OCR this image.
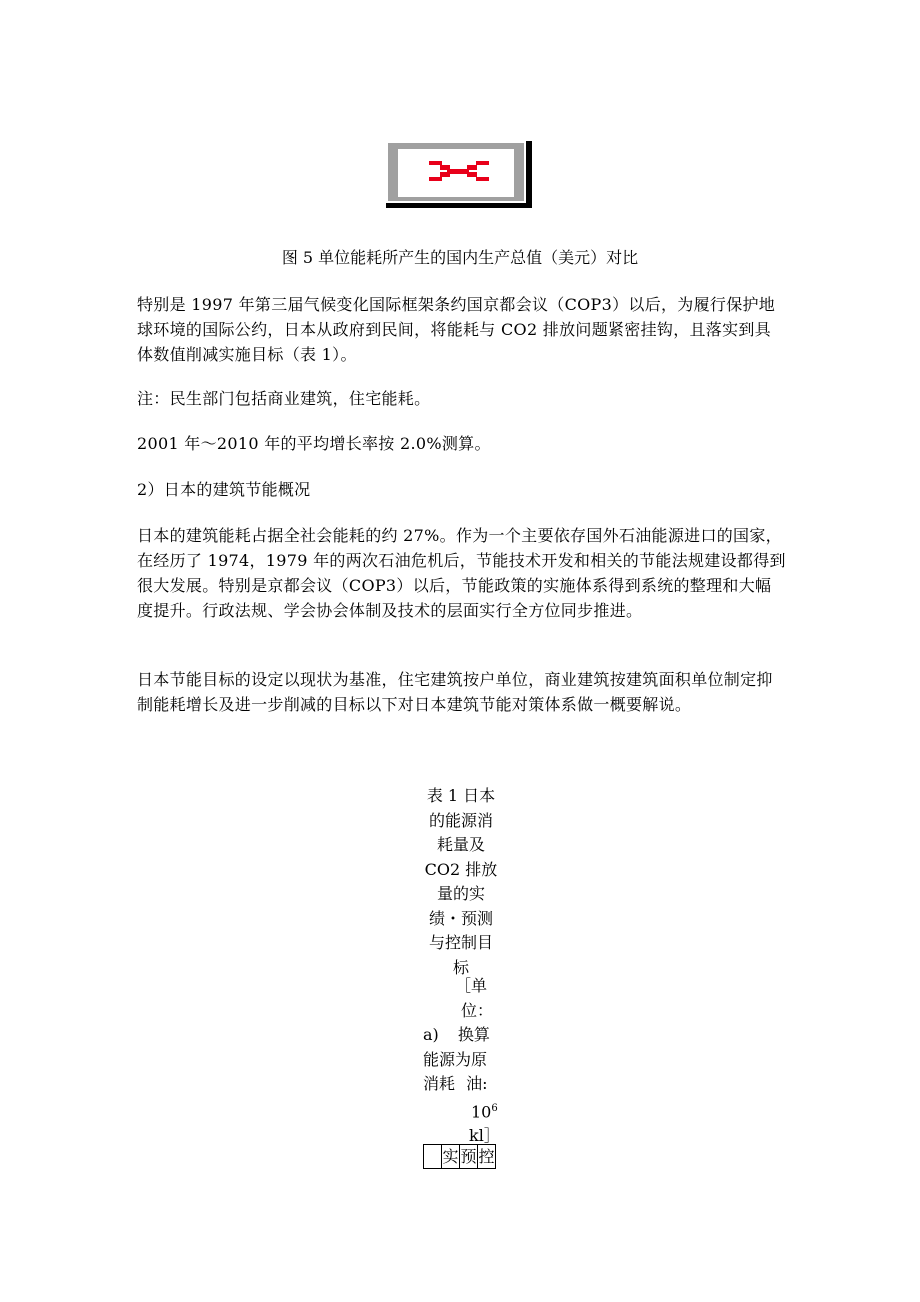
图 5 单位能耗所产生的国内生产总值（美元）对比

特别是 1997 年第三届气候变化国际框架条约国京都会议（COP3）以后，为履行保护地球环境的国际公约，日本从政府到民间，将能耗与 CO2 排放问题紧密挂钩，且落实到具体数值削减实施目标（表 1）。

注：民生部门包括商业建筑，住宅能耗。

2001 年～2010 年的平均增长率按 2.0%测算。

2）日本的建筑节能概况

日本的建筑能耗占据全社会能耗的约 27%。作为一个主要依存国外石油能源进口的国家，在经历了 1974，1979 年的两次石油危机后，节能技术开发和相关的节能法规建设都得到很大发展。特别是京都会议（COP3）以后，节能政策的实施体系得到系统的整理和大幅度提升。行政法规、学会协会体制及技术的层面实行全方位同步推进。

日本节能目标的设定以现状为基准，住宅建筑按户单位，商业建筑按建筑面积单位制定抑制能耗增长及进一步削减的目标以下对日本建筑节能对策体系做一概要解说。

表 1 日本的能源消耗量及 CO2 排放量的实绩・预测与控制目标
［单
位：
a) 换算
能源为原
消耗 油:
$10^6$
kl］
	实	预	控
